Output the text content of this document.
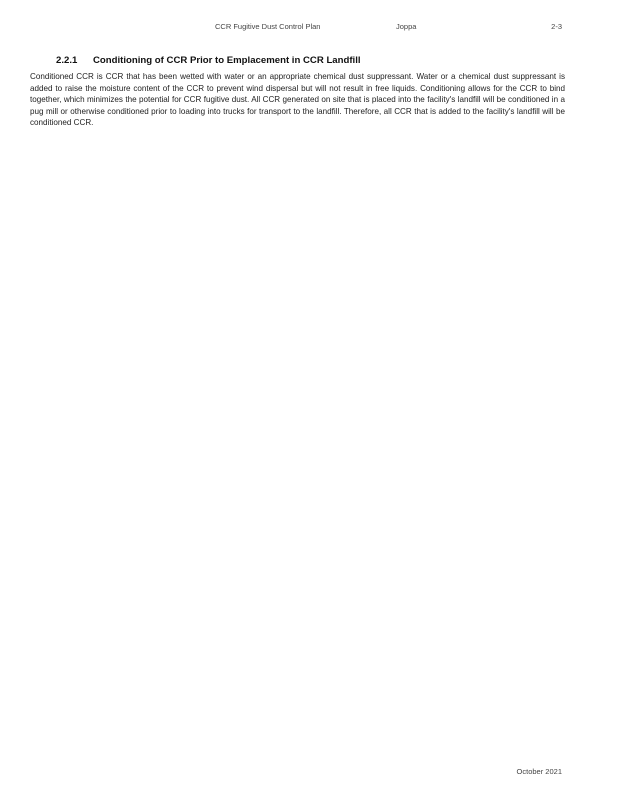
CCR Fugitive Dust Control Plan	Joppa	2-3
2.2.1	Conditioning of CCR Prior to Emplacement in CCR Landfill

Conditioned CCR is CCR that has been wetted with water or an appropriate chemical dust suppressant. Water or a chemical dust suppressant is added to raise the moisture content of the CCR to prevent wind dispersal but will not result in free liquids. Conditioning allows for the CCR to bind together, which minimizes the potential for CCR fugitive dust. All CCR generated on site that is placed into the facility's landfill will be conditioned in a pug mill or otherwise conditioned prior to loading into trucks for transport to the landfill. Therefore, all CCR that is added to the facility's landfill will be conditioned CCR.

October 2021
